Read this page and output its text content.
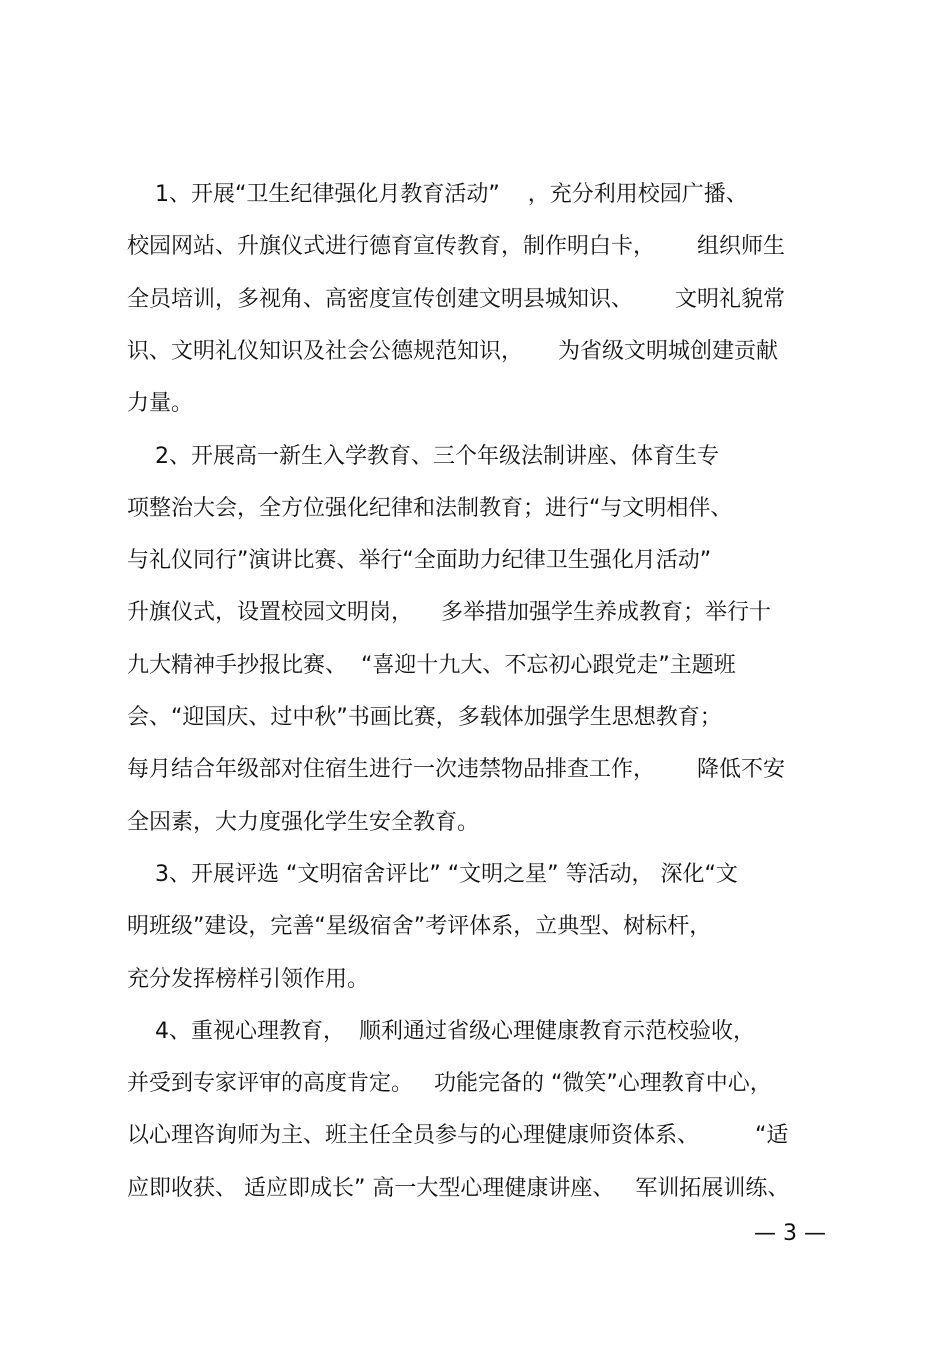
1、开展“卫生纪律强化月教育活动”    ，充分利用校园广播、
校园网站、升旗仪式进行德育宣传教育，制作明白卡，      组织师生
全员培训，多视角、高密度宣传创建文明县城知识、      文明礼貌常
识、文明礼仪知识及社会公德规范知识，     为省级文明城创建贡献
力量。
2、开展高一新生入学教育、三个年级法制讲座、体育生专
项整治大会，全方位强化纪律和法制教育；进行“与文明相伴、
与礼仪同行”演讲比赛、举行“全面助力纪律卫生强化月活动”
升旗仪式，设置校园文明岗，    多举措加强学生养成教育；举行十
九大精神手抄报比赛、  “喜迎十九大、不忘初心跟党走”主题班
会、“迎国庆、过中秋”书画比赛，多载体加强学生思想教育；
每月结合年级部对住宿生进行一次违禁物品排查工作，      降低不安
全因素，大力度强化学生安全教育。
3、开展评选 “文明宿舍评比” “文明之星” 等活动， 深化“文
明班级”建设，完善“星级宿舍”考评体系，立典型、树标杆，
充分发挥榜样引领作用。
4、重视心理教育，  顺利通过省级心理健康教育示范校验收，
并受到专家评审的高度肯定。   功能完备的 “微笑”心理教育中心，
以心理咨询师为主、班主任全员参与的心理健康师资体系、        “适
应即收获、 适应即成长” 高一大型心理健康讲座、   军训拓展训练、
— 3 —
